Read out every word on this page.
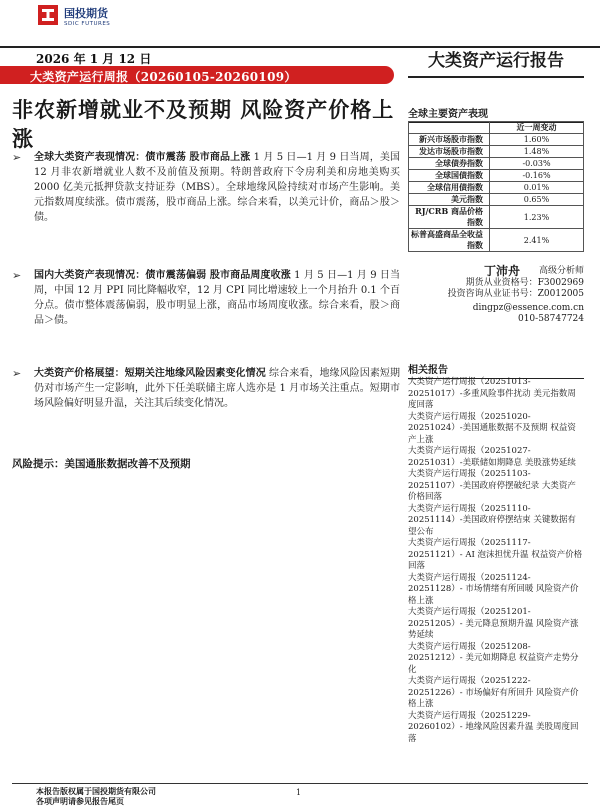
国投期货
SDIC FUTURES
2026 年 1 月 12 日
大类资产运行周报（20260105-20260109）
大类资产运行报告
非农新增就业不及预期 风险资产价格上涨
➢ 全球大类资产表现情况：债市震荡 股市商品上涨 1 月 5 日—1 月 9 日当周，美国 12 月非农新增就业人数不及前值及预期。特朗普政府下令房利美和房地美购买 2000 亿美元抵押贷款支持证券（MBS）。全球地缘风险持续对市场产生影响。美元指数周度续涨。债市震荡，股市商品上涨。综合来看，以美元计价，商品＞股＞债。
➢ 国内大类资产表现情况：债市震荡偏弱 股市商品周度收涨 1 月 5 日—1 月 9 日当周，中国 12 月 PPI 同比降幅收窄，12 月 CPI 同比增速较上一个月抬升 0.1 个百分点。债市整体震荡偏弱，股市明显上涨，商品市场周度收涨。综合来看，股＞商品＞债。
➢ 大类资产价格展望：短期关注地缘风险因素变化情况 综合来看，地缘风险因素短期仍对市场产生一定影响，此外下任美联储主席人选亦是 1 月市场关注重点。短期市场风险偏好明显升温，关注其后续变化情况。
风险提示：美国通胀数据改善不及预期
全球主要资产表现
	近一周变动
新兴市场股市指数	1.60%
发达市场股市指数	1.48%
全球债券指数	-0.03%
全球国债指数	-0.16%
全球信用债指数	0.01%
美元指数	0.65%
RJ/CRB 商品价格指数	1.23%
标普高盛商品全收益指数	2.41%
丁沛舟 高级分析师
期货从业资格号：F3002969
投资咨询从业证书号：Z0012005
dingpz@essence.com.cn
010-58747724
相关报告
大类资产运行周报（20251013-20251017）-多重风险事件扰动 美元指数周度回落
大类资产运行周报（20251020-20251024）-美国通胀数据不及预期 权益资产上涨
大类资产运行周报（20251027-20251031）-美联储如期降息 美股涨势延续
大类资产运行周报（20251103-20251107）-美国政府停摆破纪录 大类资产价格回落
大类资产运行周报（20251110-20251114）-美国政府停摆结束 关键数据有望公布
大类资产运行周报（20251117-20251121）- AI 泡沫担忧升温 权益资产价格回落
大类资产运行周报（20251124-20251128）- 市场情绪有所回暖 风险资产价格上涨
大类资产运行周报（20251201-20251205）- 美元降息预期升温 风险资产涨势延续
大类资产运行周报（20251208-20251212）- 美元如期降息 权益资产走势分化
大类资产运行周报（20251222-20251226）- 市场偏好有所回升 风险资产价格上涨
大类资产运行周报（20251229-20260102）- 地缘风险因素升温 美股周度回落
本报告版权属于国投期货有限公司
各项声明请参见报告尾页
1
